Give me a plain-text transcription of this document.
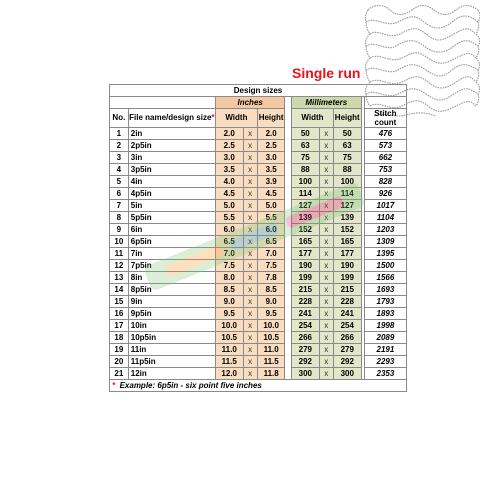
Single run
Design sizes										
		Inches				Millimeters				
No.	File name/design size*	Width		Height		Width		Height		Stitch count
1	2in	2.0	x	2.0		50	x	50		476
2	2p5in	2.5	x	2.5		63	x	63		573
3	3in	3.0	x	3.0		75	x	75		662
4	3p5in	3.5	x	3.5		88	x	88		753
5	4in	4.0	x	3.9		100	x	100		828
6	4p5in	4.5	x	4.5		114	x	114		926
7	5in	5.0	x	5.0		127	x	127		1017
8	5p5in	5.5	x	5.5		139	x	139		1104
9	6in	6.0	x	6.0		152	x	152		1203
10	6p5in	6.5	x	6.5		165	x	165		1309
11	7in	7.0	x	7.0		177	x	177		1395
12	7p5in	7.5	x	7.5		190	x	190		1500
13	8in	8.0	x	7.8		199	x	199		1566
14	8p5in	8.5	x	8.5		215	x	215		1693
15	9in	9.0	x	9.0		228	x	228		1793
16	9p5in	9.5	x	9.5		241	x	241		1893
17	10in	10.0	x	10.0		254	x	254		1998
18	10p5in	10.5	x	10.5		266	x	266		2089
19	11in	11.0	x	11.0		279	x	279		2191
20	11p5in	11.5	x	11.5		292	x	292		2293
21	12in	12.0	x	11.8		300	x	300		2353
* Example: 6p5in - six point five inches										
